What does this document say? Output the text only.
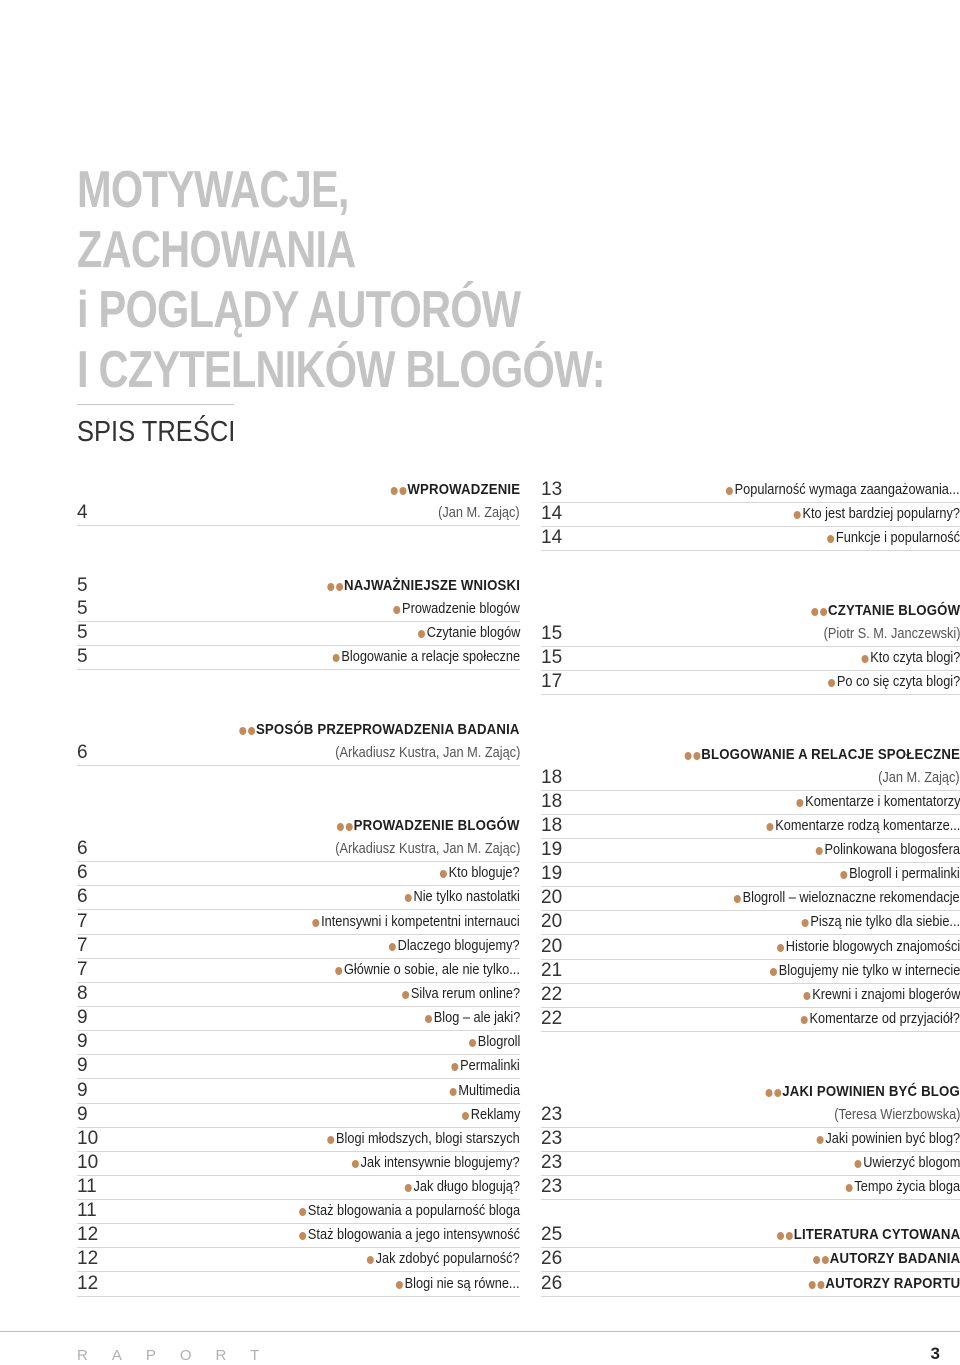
MOTYWACJE,
ZACHOWANIA
i POGLĄDY AUTORÓW
I CZYTELNIKÓW BLOGÓW:
SPIS TREŚCI
WPROWADZENIE
4	(Jan M. Zając)
5	NAJWAŻNIEJSZE WNIOSKI
5	Prowadzenie blogów
5	Czytanie blogów
5	Blogowanie a relacje społeczne
SPOSÓB PRZEPROWADZENIA BADANIA
6	(Arkadiusz Kustra, Jan M. Zając)
PROWADZENIE BLOGÓW
6	(Arkadiusz Kustra, Jan M. Zając)
6	Kto bloguje?
6	Nie tylko nastolatki
7	Intensywni i kompetentni internauci
7	Dlaczego blogujemy?
7	Głównie o sobie, ale nie tylko...
8	Silva rerum online?
9	Blog – ale jaki?
9	Blogroll
9	Permalinki
9	Multimedia
9	Reklamy
10	Blogi młodszych, blogi starszych
10	Jak intensywnie blogujemy?
11	Jak długo blogują?
11	Staż blogowania a popularność bloga
12	Staż blogowania a jego intensywność
12	Jak zdobyć popularność?
12	Blogi nie są równe...
13	Popularność wymaga zaangażowania...
14	Kto jest bardziej popularny?
14	Funkcje i popularność
CZYTANIE BLOGÓW
15	(Piotr S. M. Janczewski)
15	Kto czyta blogi?
17	Po co się czyta blogi?
BLOGOWANIE A RELACJE SPOŁECZNE
18	(Jan M. Zając)
18	Komentarze i komentatorzy
18	Komentarze rodzą komentarze...
19	Polinkowana blogosfera
19	Blogroll i permalinki
20	Blogroll – wieloznaczne rekomendacje
20	Piszą nie tylko dla siebie...
20	Historie blogowych znajomości
21	Blogujemy nie tylko w internecie
22	Krewni i znajomi blogerów
22	Komentarze od przyjaciół?
JAKI POWINIEN BYĆ BLOG
23	(Teresa Wierzbowska)
23	Jaki powinien być blog?
23	Uwierzyć blogom
23	Tempo życia bloga
25	LITERATURA CYTOWANA
26	AUTORZY BADANIA
26	AUTORZY RAPORTU
RAPORT	3
